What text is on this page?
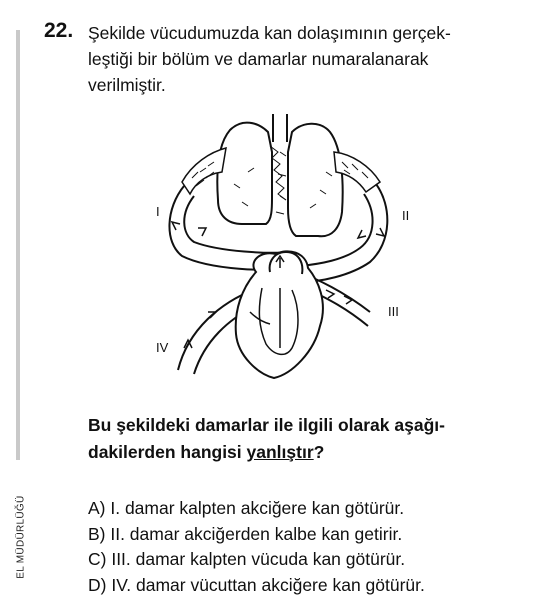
EL MÜDÜRLÜĞÜ
22. Şekilde vücudumuzda kan dolaşımının gerçek-
leştiği bir bölüm ve damarlar numaralanarak
verilmiştir.
I	II
III
IV
Bu şekildeki damarlar ile ilgili olarak aşağı-
dakilerden hangisi yanlıştır?
A) I. damar kalpten akciğere kan götürür.
B) II. damar akciğerden kalbe kan getirir.
C) III. damar kalpten vücuda kan götürür.
D) IV. damar vücuttan akciğere kan götürür.
